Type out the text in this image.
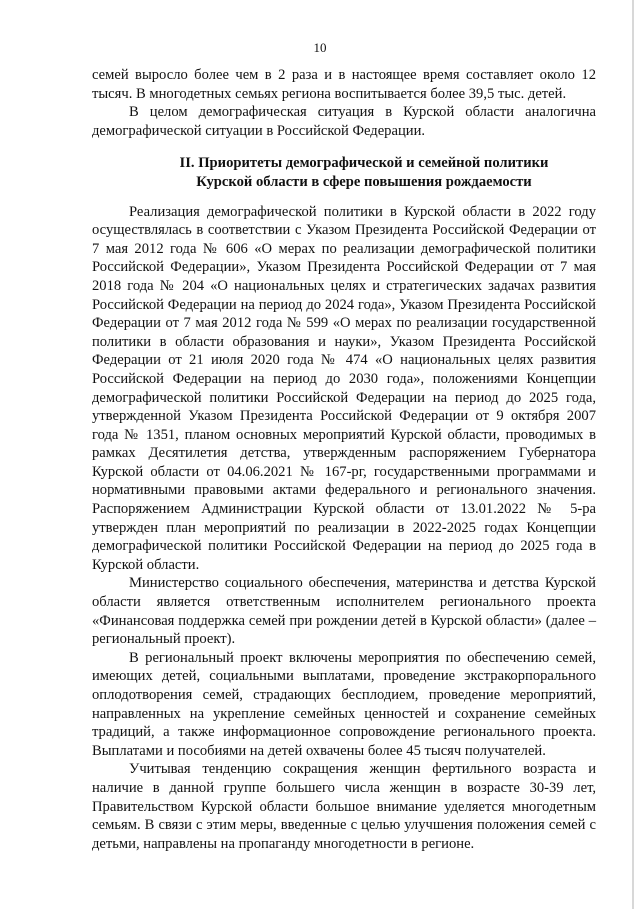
10

семей выросло более чем в 2 раза и в настоящее время составляет около 12 тысяч. В многодетных семьях региона воспитывается более 39,5 тыс. детей.

В целом демографическая ситуация в Курской области аналогична демографической ситуации в Российской Федерации.

II. Приоритеты демографической и семейной политики Курской области в сфере повышения рождаемости

Реализация демографической политики в Курской области в 2022 году осуществлялась в соответствии с Указом Президента Российской Федерации от 7 мая 2012 года № 606 «О мерах по реализации демографической политики Российской Федерации», Указом Президента Российской Федерации от 7 мая 2018 года № 204 «О национальных целях и стратегических задачах развития Российской Федерации на период до 2024 года», Указом Президента Российской Федерации от 7 мая 2012 года № 599 «О мерах по реализации государственной политики в области образования и науки», Указом Президента Российской Федерации от 21 июля 2020 года № 474 «О национальных целях развития Российской Федерации на период до 2030 года», положениями Концепции демографической политики Российской Федерации на период до 2025 года, утвержденной Указом Президента Российской Федерации от 9 октября 2007 года № 1351, планом основных мероприятий Курской области, проводимых в рамках Десятилетия детства, утвержденным распоряжением Губернатора Курской области от 04.06.2021 № 167-рг, государственными программами и нормативными правовыми актами федерального и регионального значения. Распоряжением Администрации Курской области от 13.01.2022 № 5-ра утвержден план мероприятий по реализации в 2022-2025 годах Концепции демографической политики Российской Федерации на период до 2025 года в Курской области.

Министерство социального обеспечения, материнства и детства Курской области является ответственным исполнителем регионального проекта «Финансовая поддержка семей при рождении детей в Курской области» (далее – региональный проект).

В региональный проект включены мероприятия по обеспечению семей, имеющих детей, социальными выплатами, проведение экстракорпорального оплодотворения семей, страдающих бесплодием, проведение мероприятий, направленных на укрепление семейных ценностей и сохранение семейных традиций, а также информационное сопровождение регионального проекта. Выплатами и пособиями на детей охвачены более 45 тысяч получателей.

Учитывая тенденцию сокращения женщин фертильного возраста и наличие в данной группе большего числа женщин в возрасте 30-39 лет, Правительством Курской области большое внимание уделяется многодетным семьям. В связи с этим меры, введенные с целью улучшения положения семей с детьми, направлены на пропаганду многодетности в регионе.
